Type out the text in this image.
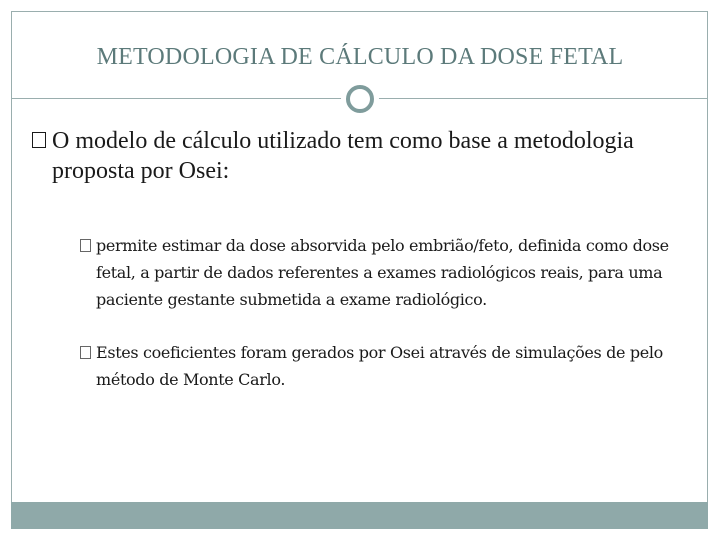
METODOLOGIA DE CÁLCULO DA DOSE FETAL
O modelo de cálculo utilizado tem como base a metodologia proposta por Osei:
permite estimar da dose absorvida pelo embrião/feto, definida como dose fetal, a partir de dados referentes a exames radiológicos reais, para uma paciente gestante submetida a exame radiológico.
Estes coeficientes foram gerados por Osei através de simulações de pelo método de Monte Carlo.
